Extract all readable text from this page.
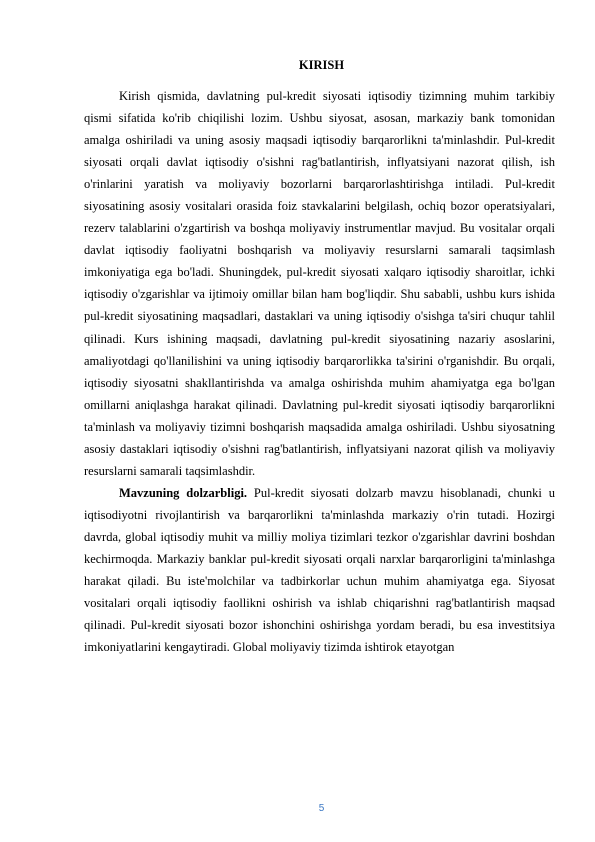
KIRISH

Kirish qismida, davlatning pul-kredit siyosati iqtisodiy tizimning muhim tarkibiy qismi sifatida ko'rib chiqilishi lozim. Ushbu siyosat, asosan, markaziy bank tomonidan amalga oshiriladi va uning asosiy maqsadi iqtisodiy barqarorlikni ta'minlashdir. Pul-kredit siyosati orqali davlat iqtisodiy o'sishni rag'batlantirish, inflyatsiyani nazorat qilish, ish o'rinlarini yaratish va moliyaviy bozorlarni barqarorlashtirishga intiladi. Pul-kredit siyosatining asosiy vositalari orasida foiz stavkalarini belgilash, ochiq bozor operatsiyalari, rezerv talablarini o'zgartirish va boshqa moliyaviy instrumentlar mavjud. Bu vositalar orqali davlat iqtisodiy faoliyatni boshqarish va moliyaviy resurslarni samarali taqsimlash imkoniyatiga ega bo'ladi. Shuningdek, pul-kredit siyosati xalqaro iqtisodiy sharoitlar, ichki iqtisodiy o'zgarishlar va ijtimoiy omillar bilan ham bog'liqdir. Shu sababli, ushbu kurs ishida pul-kredit siyosatining maqsadlari, dastaklari va uning iqtisodiy o'sishga ta'siri chuqur tahlil qilinadi. Kurs ishining maqsadi, davlatning pul-kredit siyosatining nazariy asoslarini, amaliyotdagi qo'llanilishini va uning iqtisodiy barqarorlikka ta'sirini o'rganishdir. Bu orqali, iqtisodiy siyosatni shakllantirishda va amalga oshirishda muhim ahamiyatga ega bo'lgan omillarni aniqlashga harakat qilinadi. Davlatning pul-kredit siyosati iqtisodiy barqarorlikni ta'minlash va moliyaviy tizimni boshqarish maqsadida amalga oshiriladi. Ushbu siyosatning asosiy dastaklari iqtisodiy o'sishni rag'batlantirish, inflyatsiyani nazorat qilish va moliyaviy resurslarni samarali taqsimlashdir.

Mavzuning dolzarbligi. Pul-kredit siyosati dolzarb mavzu hisoblanadi, chunki u iqtisodiyotni rivojlantirish va barqarorlikni ta'minlashda markaziy o'rin tutadi. Hozirgi davrda, global iqtisodiy muhit va milliy moliya tizimlari tezkor o'zgarishlar davrini boshdan kechirmoqda. Markaziy banklar pul-kredit siyosati orqali narxlar barqarorligini ta'minlashga harakat qiladi. Bu iste'molchilar va tadbirkorlar uchun muhim ahamiyatga ega. Siyosat vositalari orqali iqtisodiy faollikni oshirish va ishlab chiqarishni rag'batlantirish maqsad qilinadi. Pul-kredit siyosati bozor ishonchini oshirishga yordam beradi, bu esa investitsiya imkoniyatlarini kengaytiradi. Global moliyaviy tizimda ishtirok etayotgan

5
